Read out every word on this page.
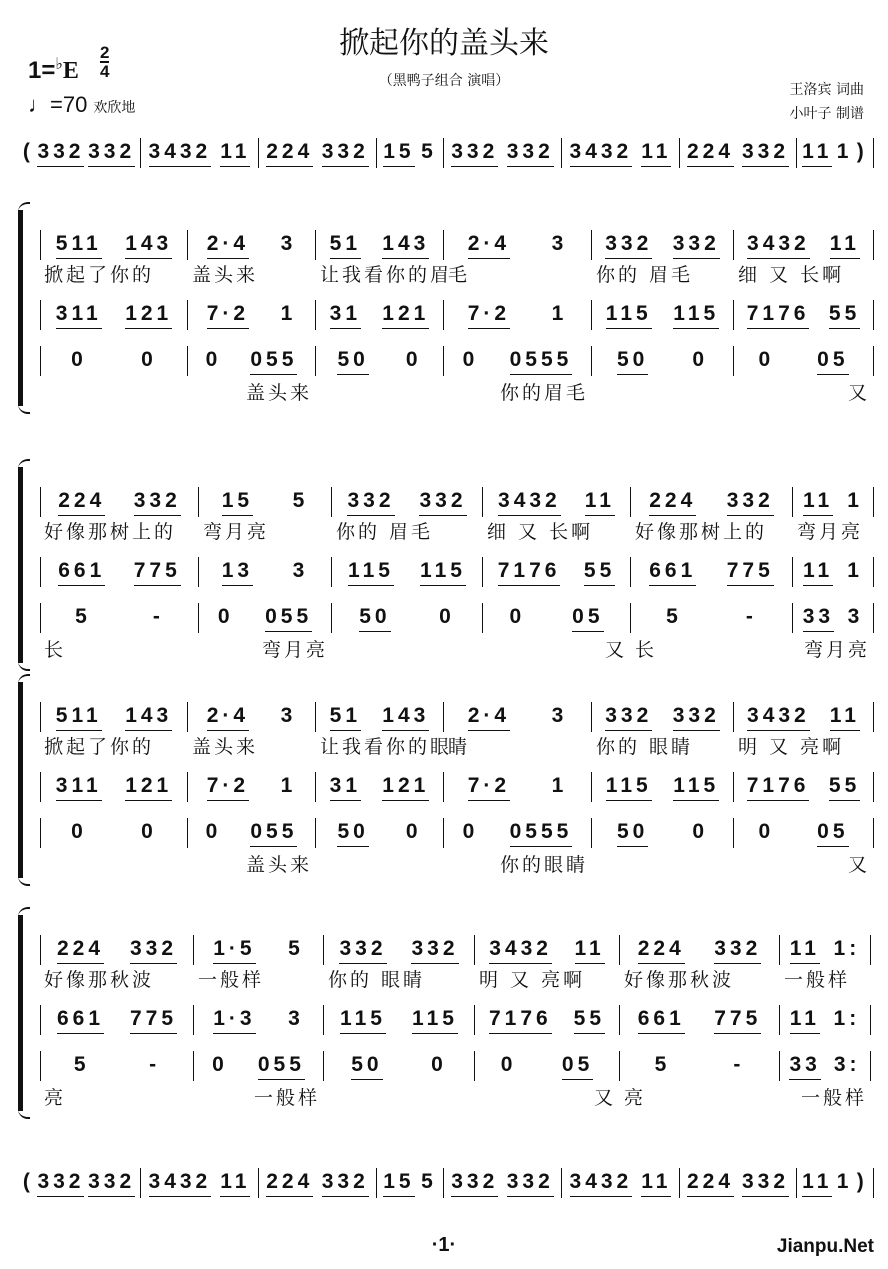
掀起你的盖头来
（黑鸭子组合 演唱）
1=♭E
2
4
♩=70 欢欣地
王洛宾 词曲
小叶子 制谱
( 332 332 3432 11 224 332 15 5 332 332 3432 11 224 332 11 1 )
( 332 332 3432 11 224 332 15 5 332 332 3432 11 224 332 11 1 )
511 143 2·4 3 51 143 2·4 3 332 332 3432 11
掀起了你的	盖头来	让我看你的眉
毛	你的 眉毛	细 又 长啊
311 121 7·2 1 31 121 7·2 1 115 115 7176 55
0	0 0 055 50 0 0 0555 50 0 0 05
盖头来	你的眉毛	又
224 332 15 5 332 332 3432 11 224 332 11 1
好像那树上的	弯月亮	你的 眉毛	细 又 长啊	好像那树上的	弯月亮
661 775 13 3 115 115 7176 55 661 775 11 1
5	-	0 055 50 0	0 05	5	- 33 3
长	弯月亮	又 长	弯月亮
511 143 2·4 3 51 143 2·4 3 332 332 3432 11
掀起了你的	盖头来	让我看你的眼
睛	你的 眼睛	明 又 亮啊
311 121 7·2 1 31 121 7·2 1 115 115 7176 55
0	0 0 055 50 0 0 0555 50 0 0 05
盖头来	你的眼睛	又
224 332 1·5 5 332 332 3432 11 224 332 11 1:
好像那秋波	一般样	你的 眼睛	明 又 亮啊	好像那秋波	一般样
661 775 1·3 3 115 115 7176 55 661 775 11 1:
5	- 0 055 50 0	0 05	5	- 33 3:
亮	一般样	又 亮	一般样
·1·	Jianpu.Net
